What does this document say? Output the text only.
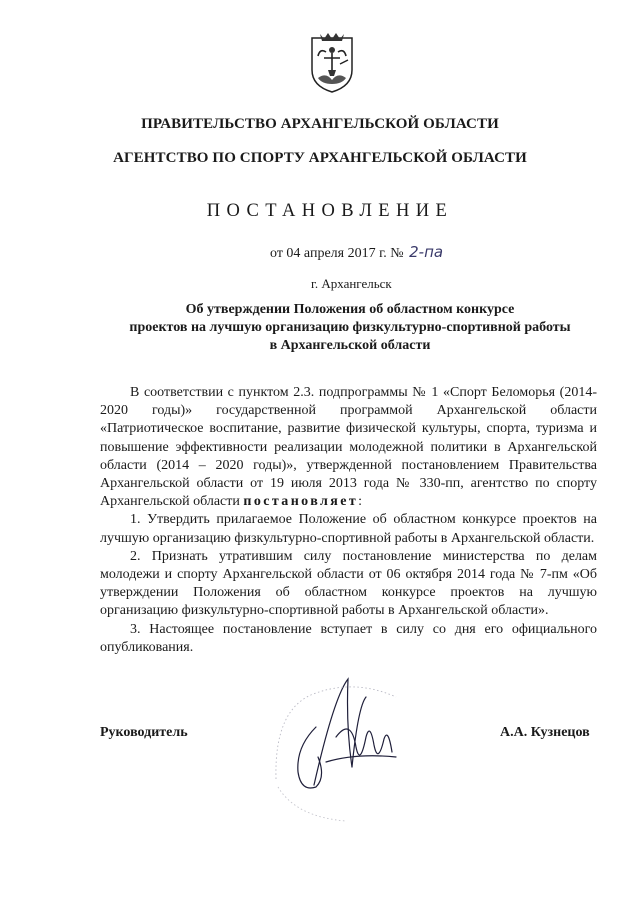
ПРАВИТЕЛЬСТВО АРХАНГЕЛЬСКОЙ ОБЛАСТИ
АГЕНТСТВО ПО СПОРТУ АРХАНГЕЛЬСКОЙ ОБЛАСТИ
ПОСТАНОВЛЕНИЕ
от 04 апреля 2017 г. № 2-па
г. Архангельск
Об утверждении Положения об областном конкурсе
проектов на лучшую организацию физкультурно-спортивной работы
в Архангельской области

В соответствии с пунктом 2.3. подпрограммы № 1 «Спорт Беломорья (2014-2020 годы)» государственной программой Архангельской области «Патриотическое воспитание, развитие физической культуры, спорта, туризма и повышение эффективности реализации молодежной политики в Архангельской области (2014 – 2020 годы)», утвержденной постановлением Правительства Архангельской области от 19 июля 2013 года № 330-пп, агентство по спорту Архангельской области постановляет:

1. Утвердить прилагаемое Положение об областном конкурсе проектов на лучшую организацию физкультурно-спортивной работы в Архангельской области.

2. Признать утратившим силу постановление министерства по делам молодежи и спорту Архангельской области от 06 октября 2014 года № 7-пм «Об утверждении Положения об областном конкурсе проектов на лучшую организацию физкультурно-спортивной работы в Архангельской области».

3. Настоящее постановление вступает в силу со дня его официального опубликования.

Руководитель	А.А. Кузнецов
